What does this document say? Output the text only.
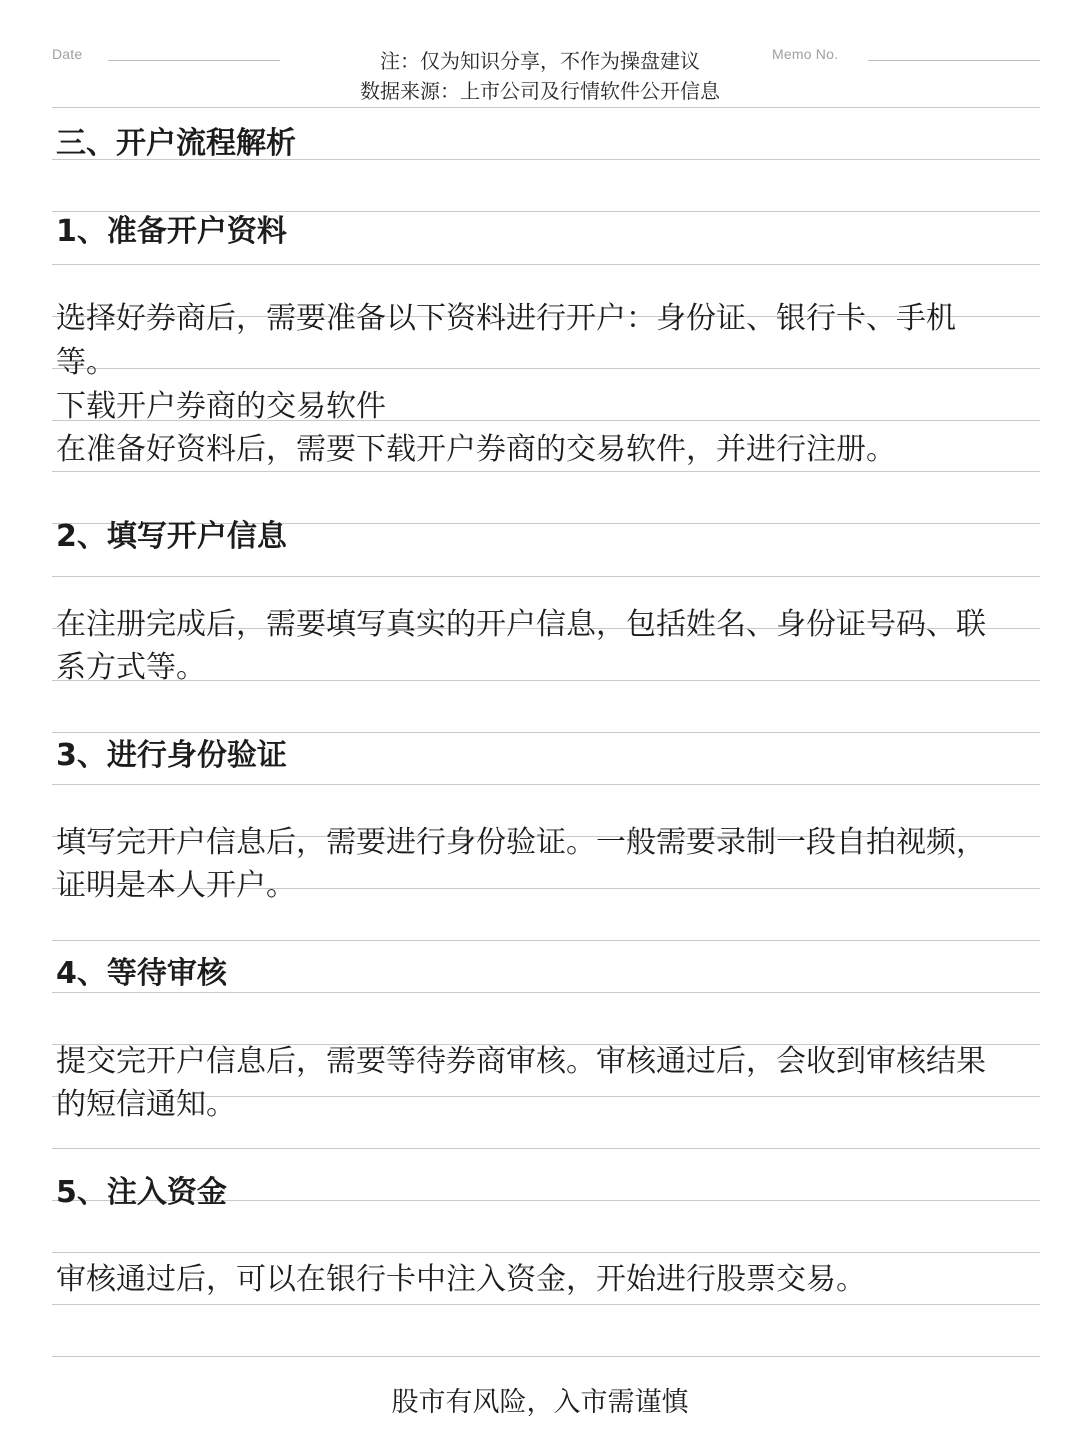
Date	Memo No.
注：仅为知识分享，不作为操盘建议
数据来源：上市公司及行情软件公开信息
三、开户流程解析
1、准备开户资料
选择好券商后，需要准备以下资料进行开户：身份证、银行卡、手机
等。
下载开户券商的交易软件
在准备好资料后，需要下载开户券商的交易软件，并进行注册。
2、填写开户信息
在注册完成后，需要填写真实的开户信息，包括姓名、身份证号码、联
系方式等。
3、进行身份验证
填写完开户信息后，需要进行身份验证。一般需要录制一段自拍视频，
证明是本人开户。
4、等待审核
提交完开户信息后，需要等待券商审核。审核通过后，会收到审核结果
的短信通知。
5、注入资金
审核通过后，可以在银行卡中注入资金，开始进行股票交易。
股市有风险，入市需谨慎
